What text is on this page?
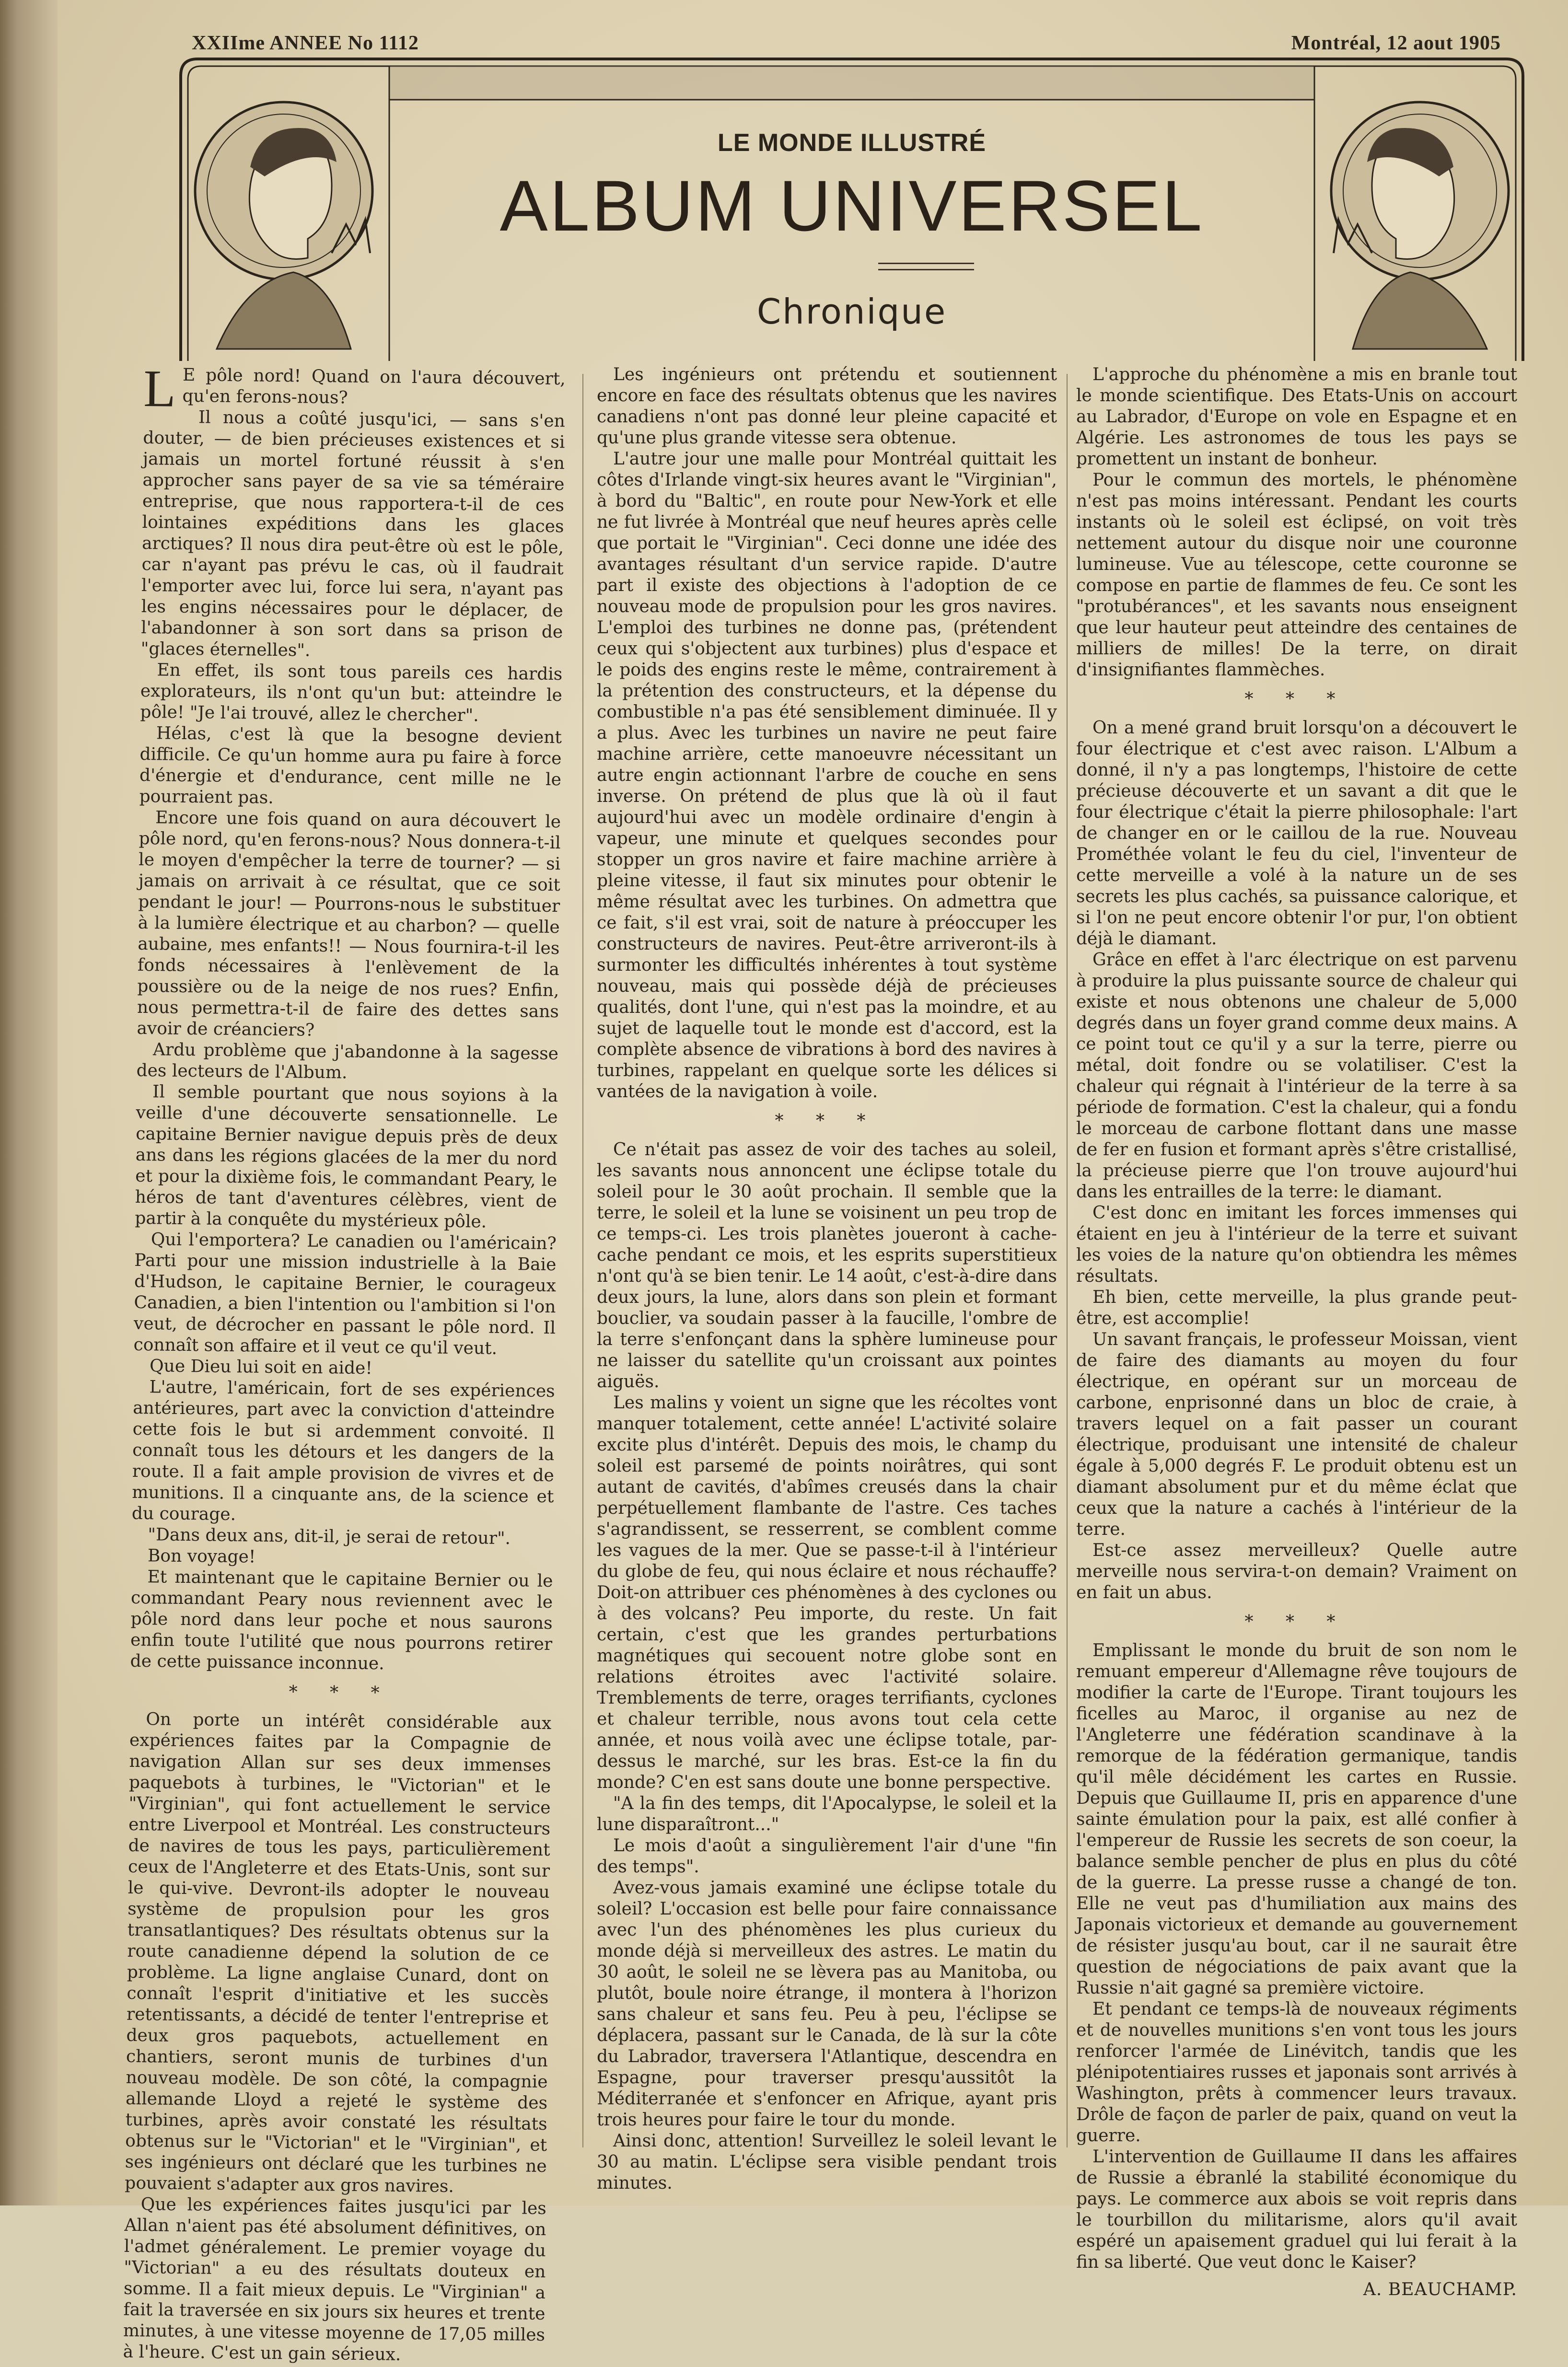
XXIIme ANNEE No 1112	Montréal, 12 aout 1905
LE MONDE ILLUSTRÉ
ALBUM UNIVERSEL
Chronique

L E pôle nord! Quand on l'aura découvert, qu'en ferons-nous?

Il nous a coûté jusqu'ici, — sans s'en douter, — de bien précieuses existences et si jamais un mortel fortuné réussit à s'en approcher sans payer de sa vie sa téméraire entreprise, que nous rapportera-t-il de ces lointaines expéditions dans les glaces arctiques? Il nous dira peut-être où est le pôle, car n'ayant pas prévu le cas, où il faudrait l'emporter avec lui, force lui sera, n'ayant pas les engins nécessaires pour le déplacer, de l'abandonner à son sort dans sa prison de "glaces éternelles".

En effet, ils sont tous pareils ces hardis explorateurs, ils n'ont qu'un but: atteindre le pôle! "Je l'ai trouvé, allez le chercher".

Hélas, c'est là que la besogne devient difficile. Ce qu'un homme aura pu faire à force d'énergie et d'endurance, cent mille ne le pourraient pas.

Encore une fois quand on aura découvert le pôle nord, qu'en ferons-nous? Nous donnera-t-il le moyen d'empêcher la terre de tourner? — si jamais on arrivait à ce résultat, que ce soit pendant le jour! — Pourrons-nous le substituer à la lumière électrique et au charbon? — quelle aubaine, mes enfants!! — Nous fournira-t-il les fonds nécessaires à l'enlèvement de la poussière ou de la neige de nos rues? Enfin, nous permettra-t-il de faire des dettes sans avoir de créanciers?

Ardu problème que j'abandonne à la sagesse des lecteurs de l'Album.

Il semble pourtant que nous soyions à la veille d'une découverte sensationnelle. Le capitaine Bernier navigue depuis près de deux ans dans les régions glacées de la mer du nord et pour la dixième fois, le commandant Peary, le héros de tant d'aventures célèbres, vient de partir à la conquête du mystérieux pôle.

Qui l'emportera? Le canadien ou l'américain? Parti pour une mission industrielle à la Baie d'Hudson, le capitaine Bernier, le courageux Canadien, a bien l'intention ou l'ambition si l'on veut, de décrocher en passant le pôle nord. Il connaît son affaire et il veut ce qu'il veut.

Que Dieu lui soit en aide!

L'autre, l'américain, fort de ses expériences antérieures, part avec la conviction d'atteindre cette fois le but si ardemment convoité. Il connaît tous les détours et les dangers de la route. Il a fait ample provision de vivres et de munitions. Il a cinquante ans, de la science et du courage.

"Dans deux ans, dit-il, je serai de retour".

Bon voyage!

Et maintenant que le capitaine Bernier ou le commandant Peary nous reviennent avec le pôle nord dans leur poche et nous saurons enfin toute l'utilité que nous pourrons retirer de cette puissance inconnue.

* * *

On porte un intérêt considérable aux expériences faites par la Compagnie de navigation Allan sur ses deux immenses paquebots à turbines, le "Victorian" et le "Virginian", qui font actuellement le service entre Liverpool et Montréal. Les constructeurs de navires de tous les pays, particulièrement ceux de l'Angleterre et des Etats-Unis, sont sur le qui-vive. Devront-ils adopter le nouveau système de propulsion pour les gros transatlantiques? Des résultats obtenus sur la route canadienne dépend la solution de ce problème. La ligne anglaise Cunard, dont on connaît l'esprit d'initiative et les succès retentissants, a décidé de tenter l'entreprise et deux gros paquebots, actuellement en chantiers, seront munis de turbines d'un nouveau modèle. De son côté, la compagnie allemande Lloyd a rejeté le système des turbines, après avoir constaté les résultats obtenus sur le "Victorian" et le "Virginian", et ses ingénieurs ont déclaré que les turbines ne pouvaient s'adapter aux gros navires.

Que les expériences faites jusqu'ici par les Allan n'aient pas été absolument définitives, on l'admet généralement. Le premier voyage du "Victorian" a eu des résultats douteux en somme. Il a fait mieux depuis. Le "Virginian" a fait la traversée en six jours six heures et trente minutes, à une vitesse moyenne de 17,05 milles à l'heure. C'est un gain sérieux.

Les ingénieurs ont prétendu et soutiennent encore en face des résultats obtenus que les navires canadiens n'ont pas donné leur pleine capacité et qu'une plus grande vitesse sera obtenue.

L'autre jour une malle pour Montréal quittait les côtes d'Irlande vingt-six heures avant le "Virginian", à bord du "Baltic", en route pour New-York et elle ne fut livrée à Montréal que neuf heures après celle que portait le "Virginian". Ceci donne une idée des avantages résultant d'un service rapide. D'autre part il existe des objections à l'adoption de ce nouveau mode de propulsion pour les gros navires. L'emploi des turbines ne donne pas, (prétendent ceux qui s'objectent aux turbines) plus d'espace et le poids des engins reste le même, contrairement à la prétention des constructeurs, et la dépense du combustible n'a pas été sensiblement diminuée. Il y a plus. Avec les turbines un navire ne peut faire machine arrière, cette manoeuvre nécessitant un autre engin actionnant l'arbre de couche en sens inverse. On prétend de plus que là où il faut aujourd'hui avec un modèle ordinaire d'engin à vapeur, une minute et quelques secondes pour stopper un gros navire et faire machine arrière à pleine vitesse, il faut six minutes pour obtenir le même résultat avec les turbines. On admettra que ce fait, s'il est vrai, soit de nature à préoccuper les constructeurs de navires. Peut-être arriveront-ils à surmonter les difficultés inhérentes à tout système nouveau, mais qui possède déjà de précieuses qualités, dont l'une, qui n'est pas la moindre, et au sujet de laquelle tout le monde est d'accord, est la complète absence de vibrations à bord des navires à turbines, rappelant en quelque sorte les délices si vantées de la navigation à voile.

* * *

Ce n'était pas assez de voir des taches au soleil, les savants nous annoncent une éclipse totale du soleil pour le 30 août prochain. Il semble que la terre, le soleil et la lune se voisinent un peu trop de ce temps-ci. Les trois planètes joueront à cache-cache pendant ce mois, et les esprits superstitieux n'ont qu'à se bien tenir. Le 14 août, c'est-à-dire dans deux jours, la lune, alors dans son plein et formant bouclier, va soudain passer à la faucille, l'ombre de la terre s'enfonçant dans la sphère lumineuse pour ne laisser du satellite qu'un croissant aux pointes aiguës.

Les malins y voient un signe que les récoltes vont manquer totalement, cette année! L'activité solaire excite plus d'intérêt. Depuis des mois, le champ du soleil est parsemé de points noirâtres, qui sont autant de cavités, d'abîmes creusés dans la chair perpétuellement flambante de l'astre. Ces taches s'agrandissent, se resserrent, se comblent comme les vagues de la mer. Que se passe-t-il à l'intérieur du globe de feu, qui nous éclaire et nous réchauffe? Doit-on attribuer ces phénomènes à des cyclones ou à des volcans? Peu importe, du reste. Un fait certain, c'est que les grandes perturbations magnétiques qui secouent notre globe sont en relations étroites avec l'activité solaire. Tremblements de terre, orages terrifiants, cyclones et chaleur terrible, nous avons tout cela cette année, et nous voilà avec une éclipse totale, par-dessus le marché, sur les bras. Est-ce la fin du monde? C'en est sans doute une bonne perspective.

"A la fin des temps, dit l'Apocalypse, le soleil et la lune disparaîtront..."

Le mois d'août a singulièrement l'air d'une "fin des temps".

Avez-vous jamais examiné une éclipse totale du soleil? L'occasion est belle pour faire connaissance avec l'un des phénomènes les plus curieux du monde déjà si merveilleux des astres. Le matin du 30 août, le soleil ne se lèvera pas au Manitoba, ou plutôt, boule noire étrange, il montera à l'horizon sans chaleur et sans feu. Peu à peu, l'éclipse se déplacera, passant sur le Canada, de là sur la côte du Labrador, traversera l'Atlantique, descendra en Espagne, pour traverser presqu'aussitôt la Méditerranée et s'enfoncer en Afrique, ayant pris trois heures pour faire le tour du monde.

Ainsi donc, attention! Surveillez le soleil levant le 30 au matin. L'éclipse sera visible pendant trois minutes.

L'approche du phénomène a mis en branle tout le monde scientifique. Des Etats-Unis on accourt au Labrador, d'Europe on vole en Espagne et en Algérie. Les astronomes de tous les pays se promettent un instant de bonheur.

Pour le commun des mortels, le phénomène n'est pas moins intéressant. Pendant les courts instants où le soleil est éclipsé, on voit très nettement autour du disque noir une couronne lumineuse. Vue au télescope, cette couronne se compose en partie de flammes de feu. Ce sont les "protubérances", et les savants nous enseignent que leur hauteur peut atteindre des centaines de milliers de milles! De la terre, on dirait d'insignifiantes flammèches.

* * *

On a mené grand bruit lorsqu'on a découvert le four électrique et c'est avec raison. L'Album a donné, il n'y a pas longtemps, l'histoire de cette précieuse découverte et un savant a dit que le four électrique c'était la pierre philosophale: l'art de changer en or le caillou de la rue. Nouveau Prométhée volant le feu du ciel, l'inventeur de cette merveille a volé à la nature un de ses secrets les plus cachés, sa puissance calorique, et si l'on ne peut encore obtenir l'or pur, l'on obtient déjà le diamant.

Grâce en effet à l'arc électrique on est parvenu à produire la plus puissante source de chaleur qui existe et nous obtenons une chaleur de 5,000 degrés dans un foyer grand comme deux mains. A ce point tout ce qu'il y a sur la terre, pierre ou métal, doit fondre ou se volatiliser. C'est la chaleur qui régnait à l'intérieur de la terre à sa période de formation. C'est la chaleur, qui a fondu le morceau de carbone flottant dans une masse de fer en fusion et formant après s'être cristallisé, la précieuse pierre que l'on trouve aujourd'hui dans les entrailles de la terre: le diamant.

C'est donc en imitant les forces immenses qui étaient en jeu à l'intérieur de la terre et suivant les voies de la nature qu'on obtiendra les mêmes résultats.

Eh bien, cette merveille, la plus grande peut-être, est accomplie!

Un savant français, le professeur Moissan, vient de faire des diamants au moyen du four électrique, en opérant sur un morceau de carbone, enprisonné dans un bloc de craie, à travers lequel on a fait passer un courant électrique, produisant une intensité de chaleur égale à 5,000 degrés F. Le produit obtenu est un diamant absolument pur et du même éclat que ceux que la nature a cachés à l'intérieur de la terre.

Est-ce assez merveilleux? Quelle autre merveille nous servira-t-on demain? Vraiment on en fait un abus.

* * *

Emplissant le monde du bruit de son nom le remuant empereur d'Allemagne rêve toujours de modifier la carte de l'Europe. Tirant toujours les ficelles au Maroc, il organise au nez de l'Angleterre une fédération scandinave à la remorque de la fédération germanique, tandis qu'il mêle décidément les cartes en Russie. Depuis que Guillaume II, pris en apparence d'une sainte émulation pour la paix, est allé confier à l'empereur de Russie les secrets de son coeur, la balance semble pencher de plus en plus du côté de la guerre. La presse russe a changé de ton. Elle ne veut pas d'humiliation aux mains des Japonais victorieux et demande au gouvernement de résister jusqu'au bout, car il ne saurait être question de négociations de paix avant que la Russie n'ait gagné sa première victoire.

Et pendant ce temps-là de nouveaux régiments et de nouvelles munitions s'en vont tous les jours renforcer l'armée de Linévitch, tandis que les plénipotentiaires russes et japonais sont arrivés à Washington, prêts à commencer leurs travaux. Drôle de façon de parler de paix, quand on veut la guerre.

L'intervention de Guillaume II dans les affaires de Russie a ébranlé la stabilité économique du pays. Le commerce aux abois se voit repris dans le tourbillon du militarisme, alors qu'il avait espéré un apaisement graduel qui lui ferait à la fin sa liberté. Que veut donc le Kaiser?

A. BEAUCHAMP.
